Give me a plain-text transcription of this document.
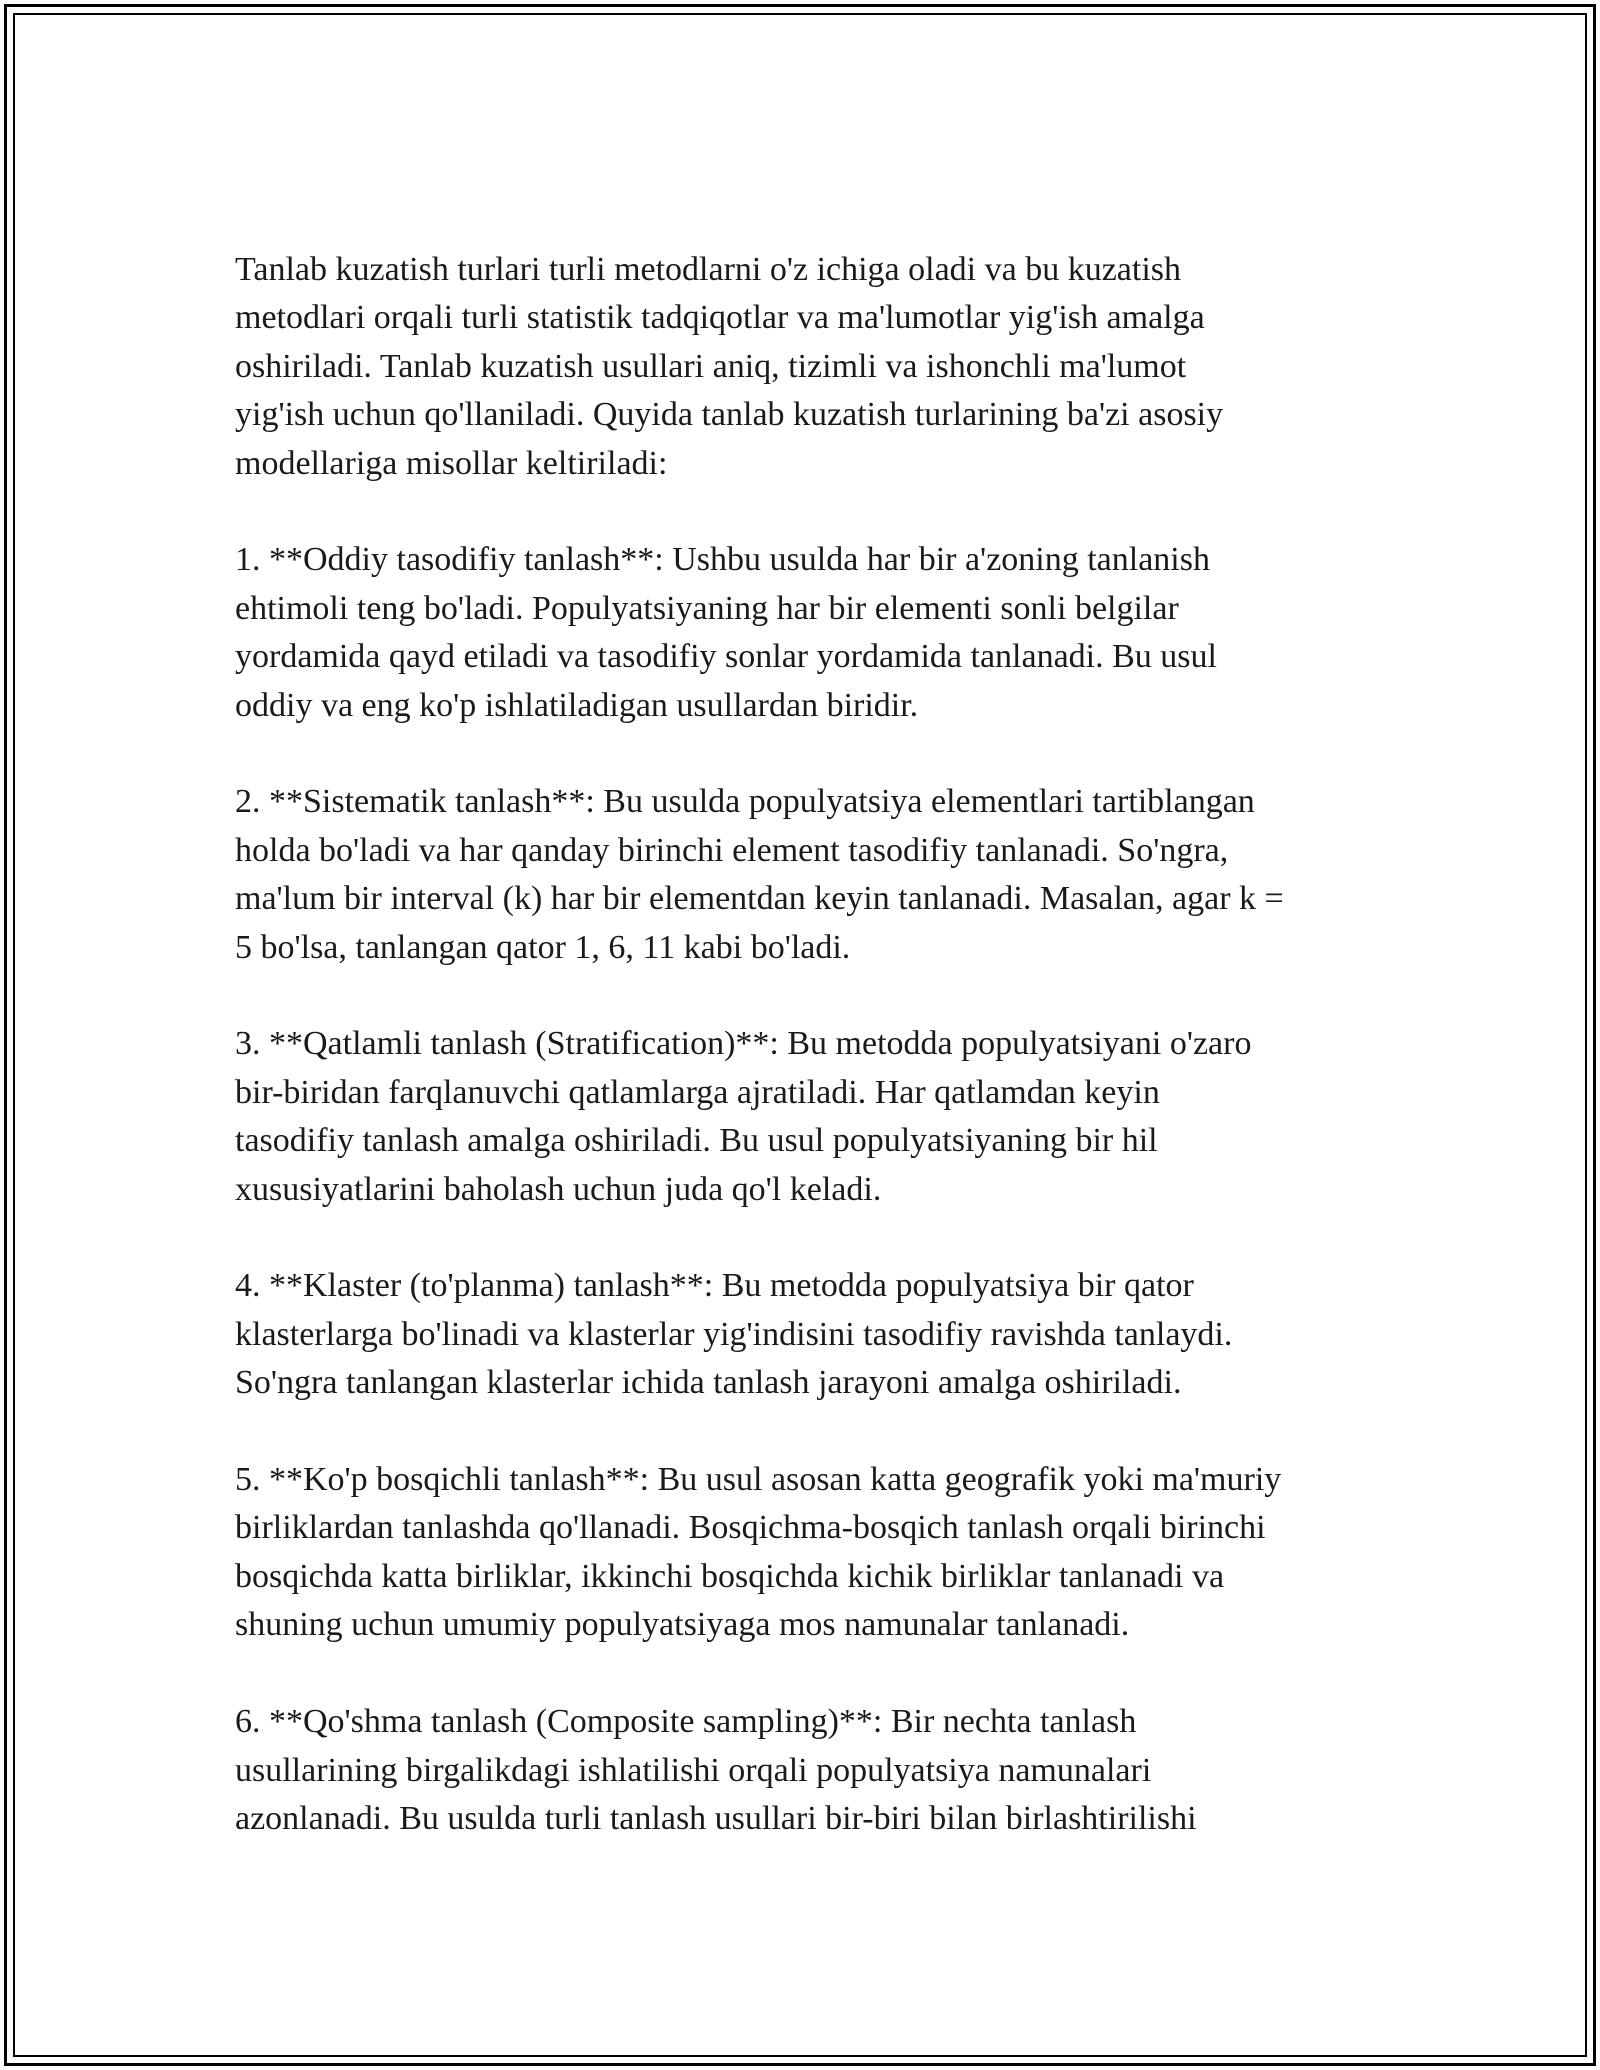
Tanlab kuzatish turlari turli metodlarni o'z ichiga oladi va bu kuzatish
metodlari orqali turli statistik tadqiqotlar va ma'lumotlar yig'ish amalga
oshiriladi. Tanlab kuzatish usullari aniq, tizimli va ishonchli ma'lumot
yig'ish uchun qo'llaniladi. Quyida tanlab kuzatish turlarining ba'zi asosiy
modellariga misollar keltiriladi:

1. **Oddiy tasodifiy tanlash**: Ushbu usulda har bir a'zoning tanlanish
ehtimoli teng bo'ladi. Populyatsiyaning har bir elementi sonli belgilar
yordamida qayd etiladi va tasodifiy sonlar yordamida tanlanadi. Bu usul
oddiy va eng ko'p ishlatiladigan usullardan biridir.

2. **Sistematik tanlash**: Bu usulda populyatsiya elementlari tartiblangan
holda bo'ladi va har qanday birinchi element tasodifiy tanlanadi. So'ngra,
ma'lum bir interval (k) har bir elementdan keyin tanlanadi. Masalan, agar k =
5 bo'lsa, tanlangan qator 1, 6, 11 kabi bo'ladi.

3. **Qatlamli tanlash (Stratification)**: Bu metodda populyatsiyani o'zaro
bir-biridan farqlanuvchi qatlamlarga ajratiladi. Har qatlamdan keyin
tasodifiy tanlash amalga oshiriladi. Bu usul populyatsiyaning bir hil
xususiyatlarini baholash uchun juda qo'l keladi.

4. **Klaster (to'planma) tanlash**: Bu metodda populyatsiya bir qator
klasterlarga bo'linadi va klasterlar yig'indisini tasodifiy ravishda tanlaydi.
So'ngra tanlangan klasterlar ichida tanlash jarayoni amalga oshiriladi.

5. **Ko'p bosqichli tanlash**: Bu usul asosan katta geografik yoki ma'muriy
birliklardan tanlashda qo'llanadi. Bosqichma-bosqich tanlash orqali birinchi
bosqichda katta birliklar, ikkinchi bosqichda kichik birliklar tanlanadi va
shuning uchun umumiy populyatsiyaga mos namunalar tanlanadi.

6. **Qo'shma tanlash (Composite sampling)**: Bir nechta tanlash
usullarining birgalikdagi ishlatilishi orqali populyatsiya namunalari
azonlanadi. Bu usulda turli tanlash usullari bir-biri bilan birlashtirilishi
